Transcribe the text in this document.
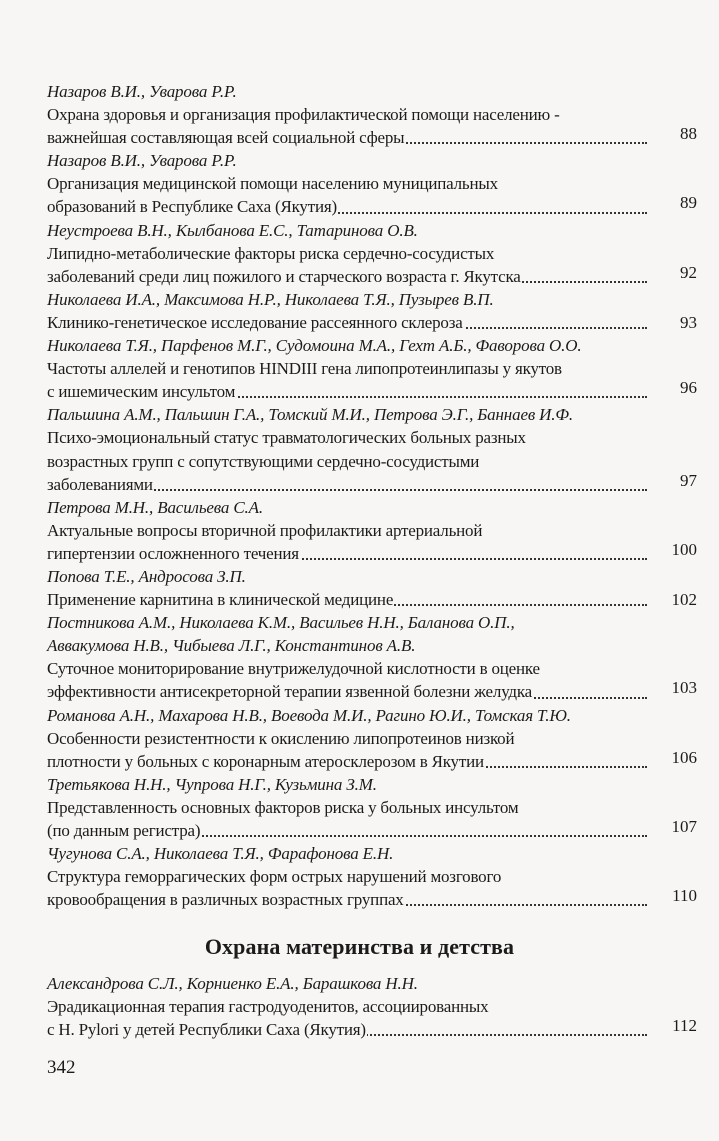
Назаров В.И., Уварова Р.Р.
Охрана здоровья и организация профилактической помощи населению -
важнейшая составляющая всей социальной сферы	88
Назаров В.И., Уварова Р.Р.
Организация медицинской помощи населению муниципальных
образований в Республике Саха (Якутия)	89
Неустроева В.Н., Кылбанова Е.С., Татаринова О.В.
Липидно-метаболические факторы риска сердечно-сосудистых
заболеваний среди лиц пожилого и старческого возраста г. Якутска	92
Николаева И.А., Максимова Н.Р., Николаева Т.Я., Пузырев В.П.
Клинико-генетическое исследование рассеянного склероза	93
Николаева Т.Я., Парфенов М.Г., Судомоина М.А., Гехт А.Б., Фаворова О.О.
Частоты аллелей и генотипов HINDIII гена липопротеинлипазы у якутов
с ишемическим инсультом	96
Пальшина А.М., Пальшин Г.А., Томский М.И., Петрова Э.Г., Баннаев И.Ф.
Психо-эмоциональный статус травматологических больных разных
возрастных групп с сопутствующими сердечно-сосудистыми
заболеваниями	97
Петрова М.Н., Васильева С.А.
Актуальные вопросы вторичной профилактики артериальной
гипертензии осложненного течения	100
Попова Т.Е., Андросова З.П.
Применение карнитина в клинической медицине	102
Постникова А.М., Николаева К.М., Васильев Н.Н., Баланова О.П.,
Аввакумова Н.В., Чибыева Л.Г., Константинов А.В.
Суточное мониторирование внутрижелудочной кислотности в оценке
эффективности антисекреторной терапии язвенной болезни желудка	103
Романова А.Н., Махарова Н.В., Воевода М.И., Рагино Ю.И., Томская Т.Ю.
Особенности резистентности к окислению липопротеинов низкой
плотности у больных с коронарным атеросклерозом в Якутии	106
Третьякова Н.Н., Чупрова Н.Г., Кузьмина З.М.
Представленность основных факторов риска у больных инсультом
(по данным регистра)	107
Чугунова С.А., Николаева Т.Я., Фарафонова Е.Н.
Структура геморрагических форм острых нарушений мозгового
кровообращения в различных возрастных группах	110
Охрана материнства и детства
Александрова С.Л., Корниенко Е.А., Барашкова Н.Н.
Эрадикационная терапия гастродуоденитов, ассоциированных
с H. Pylori у детей Республики Саха (Якутия)	112
342
